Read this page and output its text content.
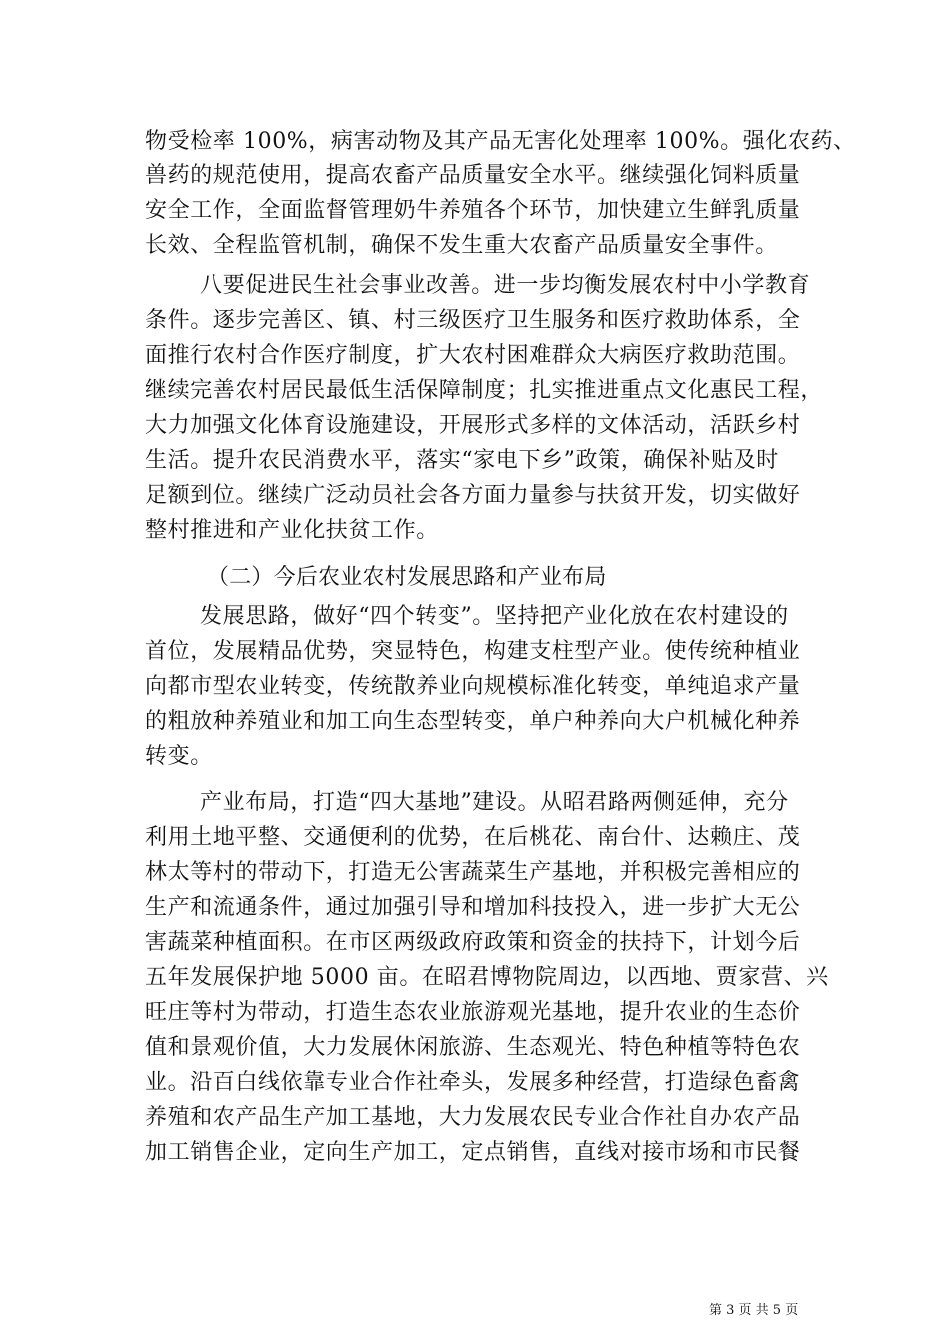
物受检率 100%，病害动物及其产品无害化处理率 100%。强化农药、
兽药的规范使用，提高农畜产品质量安全水平。继续强化饲料质量
安全工作，全面监督管理奶牛养殖各个环节，加快建立生鲜乳质量
长效、全程监管机制，确保不发生重大农畜产品质量安全事件。
八要促进民生社会事业改善。进一步均衡发展农村中小学教育
条件。逐步完善区、镇、村三级医疗卫生服务和医疗救助体系，全
面推行农村合作医疗制度，扩大农村困难群众大病医疗救助范围。
继续完善农村居民最低生活保障制度；扎实推进重点文化惠民工程，
大力加强文化体育设施建设，开展形式多样的文体活动，活跃乡村
生活。提升农民消费水平，落实“家电下乡”政策，确保补贴及时
足额到位。继续广泛动员社会各方面力量参与扶贫开发，切实做好
整村推进和产业化扶贫工作。
（二）今后农业农村发展思路和产业布局
发展思路，做好“四个转变”。坚持把产业化放在农村建设的
首位，发展精品优势，突显特色，构建支柱型产业。使传统种植业
向都市型农业转变，传统散养业向规模标准化转变，单纯追求产量
的粗放种养殖业和加工向生态型转变，单户种养向大户机械化种养
转变。
产业布局，打造“四大基地”建设。从昭君路两侧延伸，充分
利用土地平整、交通便利的优势，在后桃花、南台什、达赖庄、茂
林太等村的带动下，打造无公害蔬菜生产基地，并积极完善相应的
生产和流通条件，通过加强引导和增加科技投入，进一步扩大无公
害蔬菜种植面积。在市区两级政府政策和资金的扶持下，计划今后
五年发展保护地 5000 亩。在昭君博物院周边，以西地、贾家营、兴
旺庄等村为带动，打造生态农业旅游观光基地，提升农业的生态价
值和景观价值，大力发展休闲旅游、生态观光、特色种植等特色农
业。沿百白线依靠专业合作社牵头，发展多种经营，打造绿色畜禽
养殖和农产品生产加工基地，大力发展农民专业合作社自办农产品
加工销售企业，定向生产加工，定点销售，直线对接市场和市民餐
第 3 页 共 5 页
